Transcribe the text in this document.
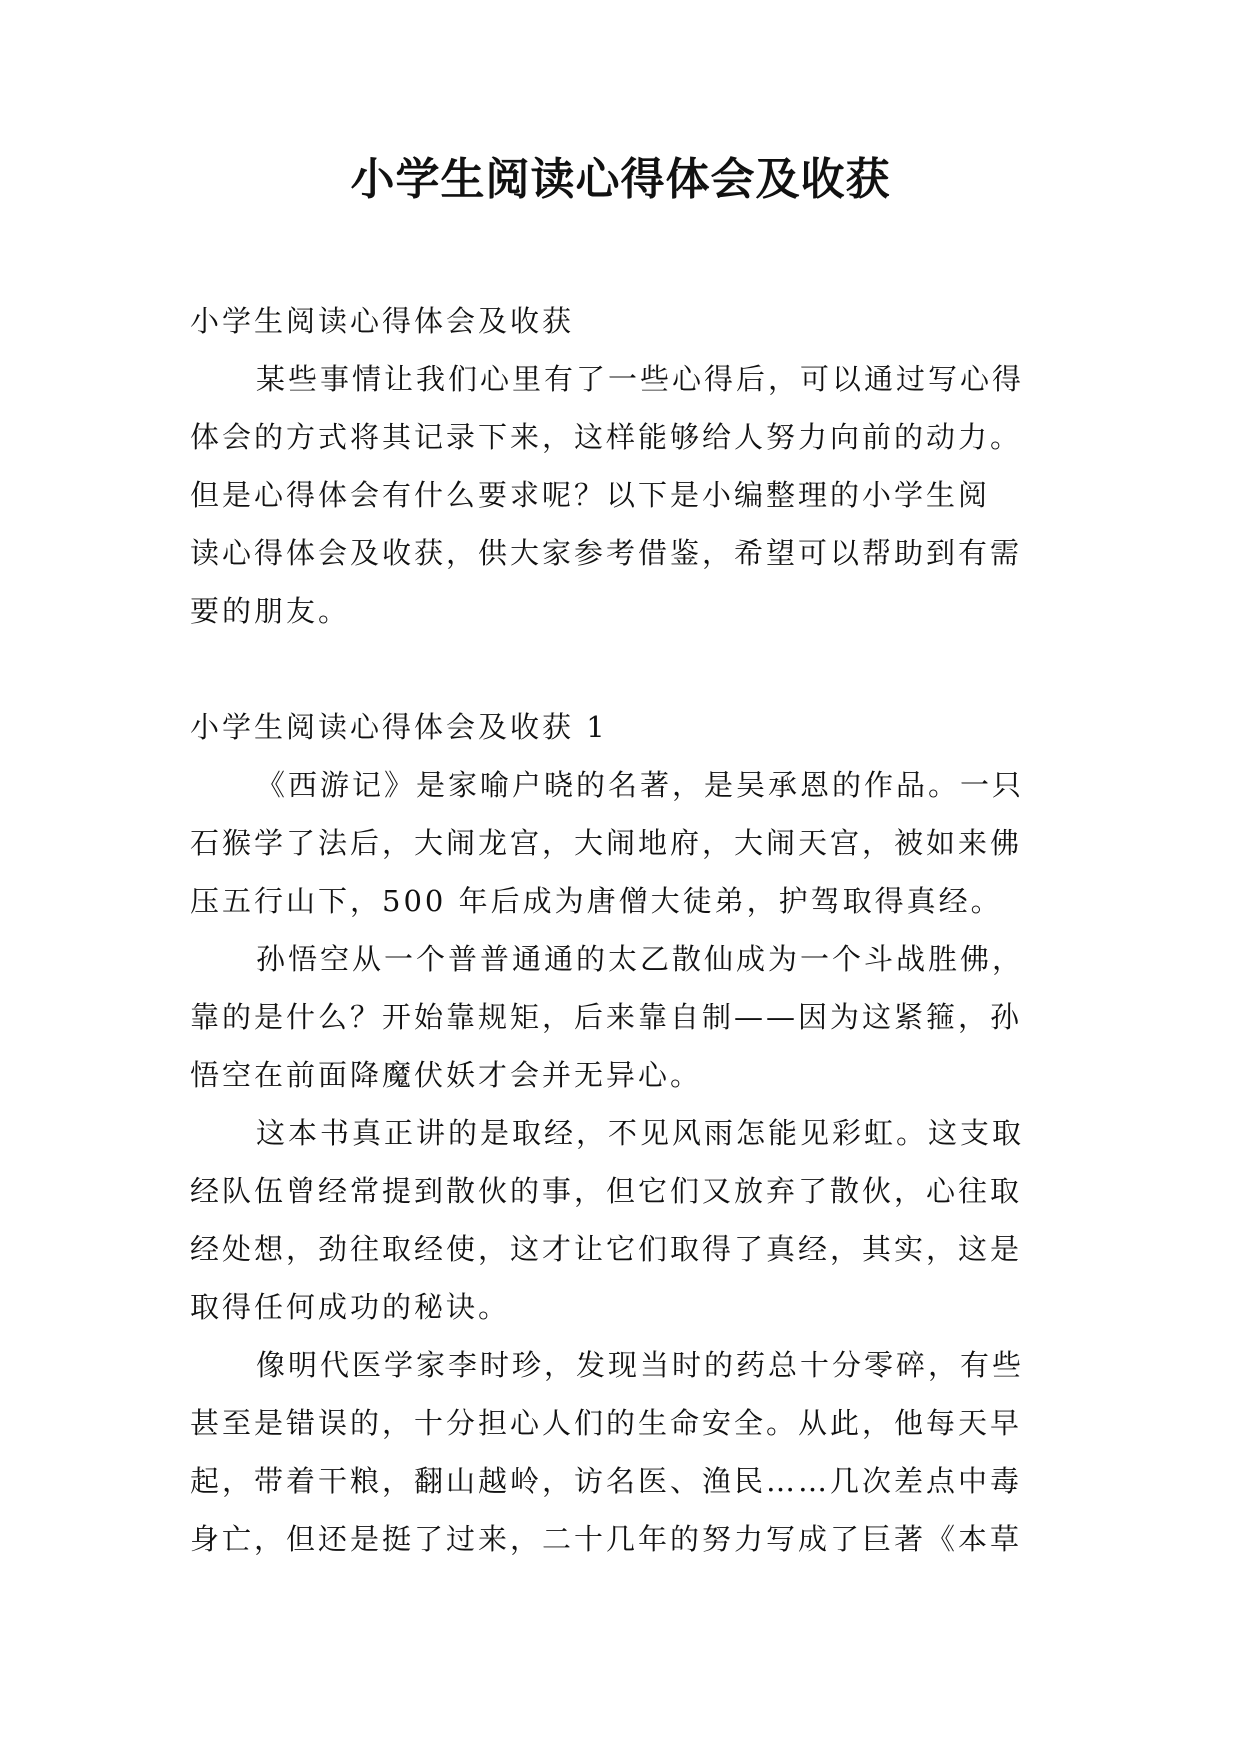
小学生阅读心得体会及收获
小学生阅读心得体会及收获
某些事情让我们心里有了一些心得后，可以通过写心得
体会的方式将其记录下来，这样能够给人努力向前的动力。
但是心得体会有什么要求呢？以下是小编整理的小学生阅
读心得体会及收获，供大家参考借鉴，希望可以帮助到有需
要的朋友。
小学生阅读心得体会及收获 1
《西游记》是家喻户晓的名著，是吴承恩的作品。一只
石猴学了法后，大闹龙宫，大闹地府，大闹天宫，被如来佛
压五行山下，500 年后成为唐僧大徒弟，护驾取得真经。
孙悟空从一个普普通通的太乙散仙成为一个斗战胜佛，
靠的是什么？开始靠规矩，后来靠自制——因为这紧箍，孙
悟空在前面降魔伏妖才会并无异心。
这本书真正讲的是取经，不见风雨怎能见彩虹。这支取
经队伍曾经常提到散伙的事，但它们又放弃了散伙，心往取
经处想，劲往取经使，这才让它们取得了真经，其实，这是
取得任何成功的秘诀。
像明代医学家李时珍，发现当时的药总十分零碎，有些
甚至是错误的，十分担心人们的生命安全。从此，他每天早
起，带着干粮，翻山越岭，访名医、渔民……几次差点中毒
身亡，但还是挺了过来，二十几年的努力写成了巨著《本草
